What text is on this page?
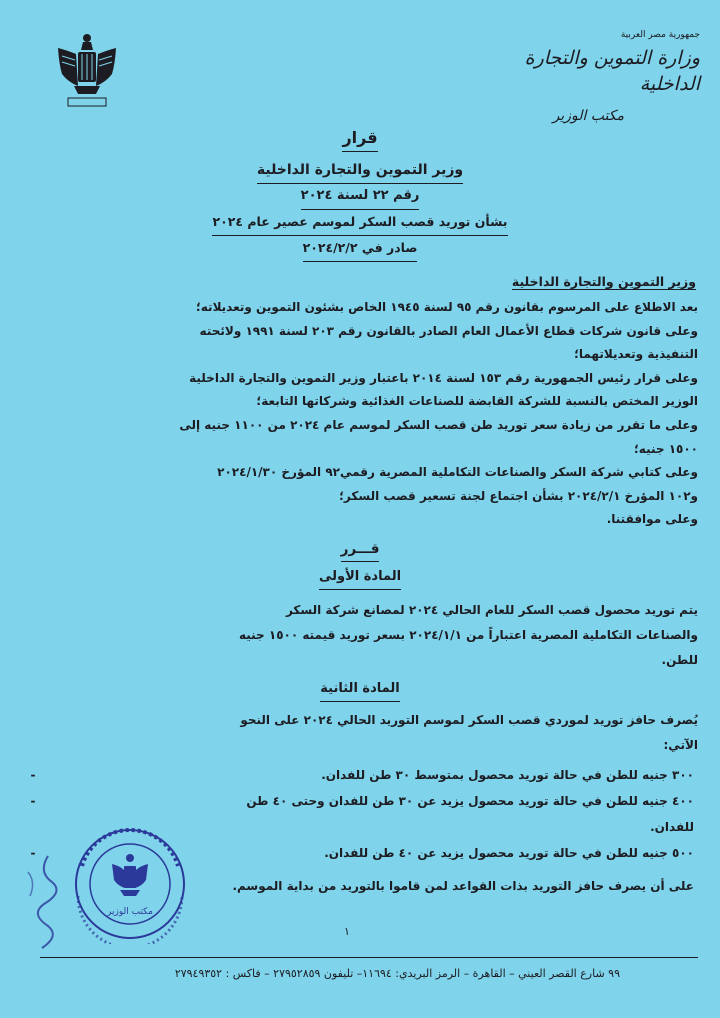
جمهورية مصر العربية
وزارة التموين والتجارة الداخلية
مكتب الوزير
قرار
وزير التموين والتجارة الداخلية
رقم ٢٢ لسنة ٢٠٢٤
بشأن توريد قصب السكر لموسم عصير عام ٢٠٢٤
صادر في ٢٠٢٤/٢/٢
وزير التموين والتجارة الداخلية
بعد الاطلاع على المرسوم بقانون رقم ٩٥ لسنة ١٩٤٥ الخاص بشئون التموين وتعديلاته؛
وعلى قانون شركات قطاع الأعمال العام الصادر بالقانون رقم ٢٠٣ لسنة ١٩٩١ ولائحته
التنفيذية وتعديلاتهما؛
وعلى قرار رئيس الجمهورية رقم ١٥٣ لسنة ٢٠١٤ باعتبار وزير التموين والتجارة الداخلية
الوزير المختص بالنسبة للشركة القابضة للصناعات الغذائية وشركاتها التابعة؛
وعلى ما تقرر من زيادة سعر توريد طن قصب السكر لموسم عام ٢٠٢٤ من ١١٠٠ جنيه إلى
١٥٠٠ جنيه؛
وعلى كتابي شركة السكر والصناعات التكاملية المصرية رقمي٩٢ المؤرخ ٢٠٢٤/١/٣٠
و١٠٢ المؤرخ ٢٠٢٤/٢/١ بشأن اجتماع لجنة تسعير قصب السكر؛
وعلى موافقتنا.
قـــرر
المادة الأولى
يتم توريد محصول قصب السكر للعام الحالي ٢٠٢٤ لمصانع شركة السكر
والصناعات التكاملية المصرية اعتباراً من ٢٠٢٤/١/١ بسعر توريد قيمته ١٥٠٠ جنيه
للطن.
المادة الثانية
يُصرف حافز توريد لموردي قصب السكر لموسم التوريد الحالي ٢٠٢٤ على النحو
الآتي:
٣٠٠ جنيه للطن في حالة توريد محصول بمتوسط ٣٠ طن للفدان.
-
٤٠٠ جنيه للطن في حالة توريد محصول يزيد عن ٣٠ طن للفدان وحتى ٤٠ طن
-
للفدان.
٥٠٠ جنيه للطن في حالة توريد محصول يزيد عن ٤٠ طن للفدان.
-
على أن يصرف حافز التوريد بذات القواعد لمن قاموا بالتوريد من بداية الموسم.
مكتب الوزير
١
٩٩ شارع القصر العيني – القاهرة – الرمز البريدي: ١١٦٩٤– تليفون ٢٧٩٥٢٨٥٩ – فاكس : ٢٧٩٤٩٣٥٢
